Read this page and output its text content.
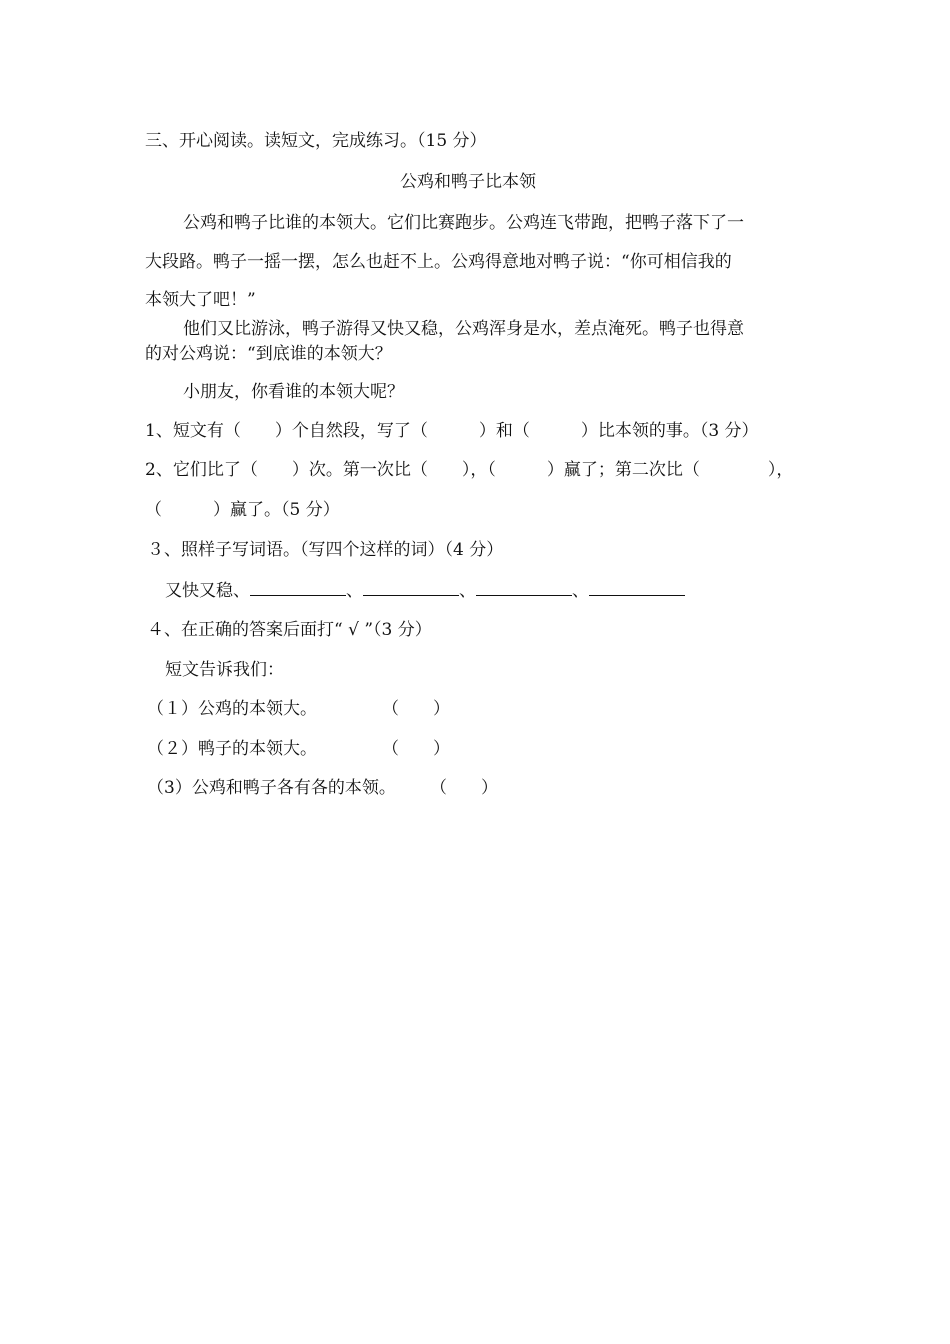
三、开心阅读。读短文，完成练习。（15 分）
公鸡和鸭子比本领
公鸡和鸭子比谁的本领大。它们比赛跑步。公鸡连飞带跑，把鸭子落下了一
大段路。鸭子一摇一摆，怎么也赶不上。公鸡得意地对鸭子说：“你可相信我的
本领大了吧！”
他们又比游泳，鸭子游得又快又稳，公鸡浑身是水，差点淹死。鸭子也得意
的对公鸡说：“到底谁的本领大？
小朋友，你看谁的本领大呢？
1、短文有（　　）个自然段，写了（　　　）和（　　　）比本领的事。（3 分）
2、它们比了（　　）次。第一次比（　　），（　　　）赢了；第二次比（　　　　），
（　　　）赢了。（5 分）
３、照样子写词语。（写四个这样的词）（4 分）
又快又稳、	、	、	、
４、在正确的答案后面打“ √ ”（3 分）
短文告诉我们：
（１）公鸡的本领大。	（　　）
（２）鸭子的本领大。	（　　）
（3）公鸡和鸭子各有各的本领。 （　　）
